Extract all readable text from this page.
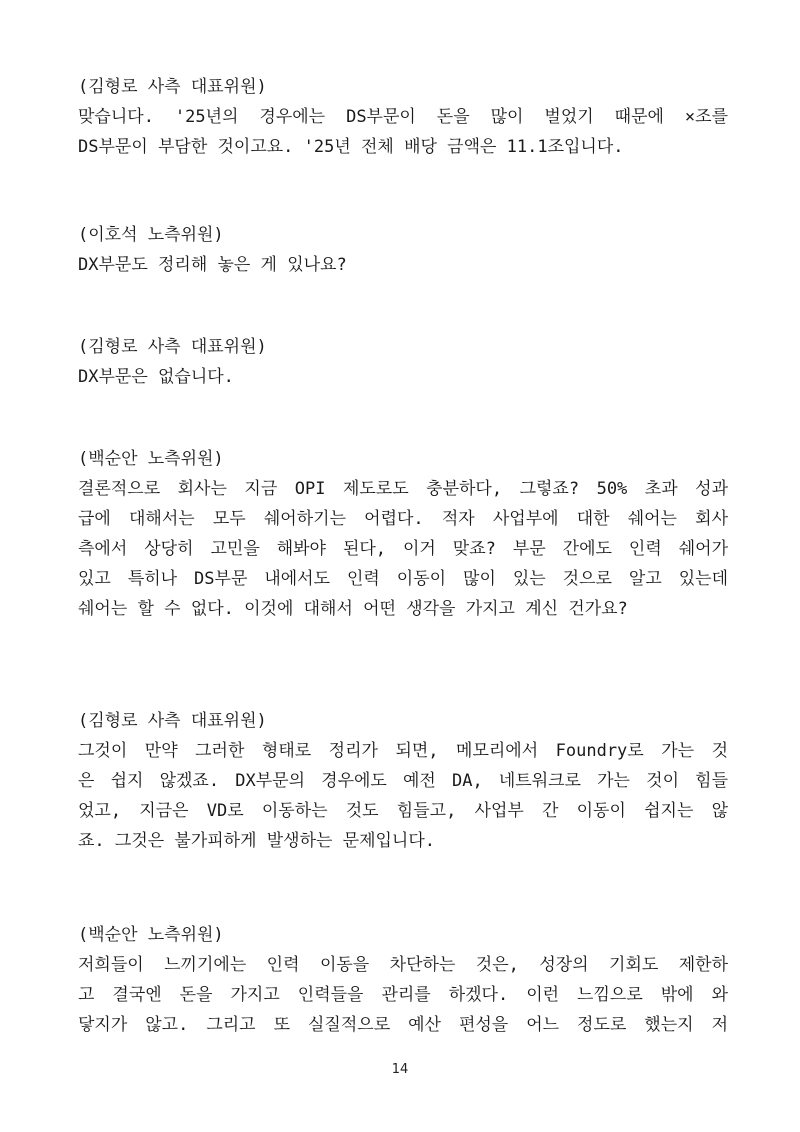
(김형로 사측 대표위원)

맞습니다. '25년의 경우에는 DS부문이 돈을 많이 벌었기 때문에 ×조를

DS부문이 부담한 것이고요. '25년 전체 배당 금액은 11.1조입니다.

(이호석 노측위원)

DX부문도 정리해 놓은 게 있나요?

(김형로 사측 대표위원)

DX부문은 없습니다.

(백순안 노측위원)

결론적으로 회사는 지금 OPI 제도로도 충분하다, 그렇죠? 50% 초과 성과

급에 대해서는 모두 쉐어하기는 어렵다. 적자 사업부에 대한 쉐어는 회사

측에서 상당히 고민을 해봐야 된다, 이거 맞죠? 부문 간에도 인력 쉐어가

있고 특히나 DS부문 내에서도 인력 이동이 많이 있는 것으로 알고 있는데

쉐어는 할 수 없다. 이것에 대해서 어떤 생각을 가지고 계신 건가요?

(김형로 사측 대표위원)

그것이 만약 그러한 형태로 정리가 되면, 메모리에서 Foundry로 가는 것

은 쉽지 않겠죠. DX부문의 경우에도 예전 DA, 네트워크로 가는 것이 힘들

었고, 지금은 VD로 이동하는 것도 힘들고, 사업부 간 이동이 쉽지는 않

죠. 그것은 불가피하게 발생하는 문제입니다.

(백순안 노측위원)

저희들이 느끼기에는 인력 이동을 차단하는 것은, 성장의 기회도 제한하

고 결국엔 돈을 가지고 인력들을 관리를 하겠다. 이런 느낌으로 밖에 와

닿지가 않고. 그리고 또 실질적으로 예산 편성을 어느 정도로 했는지 저

14
